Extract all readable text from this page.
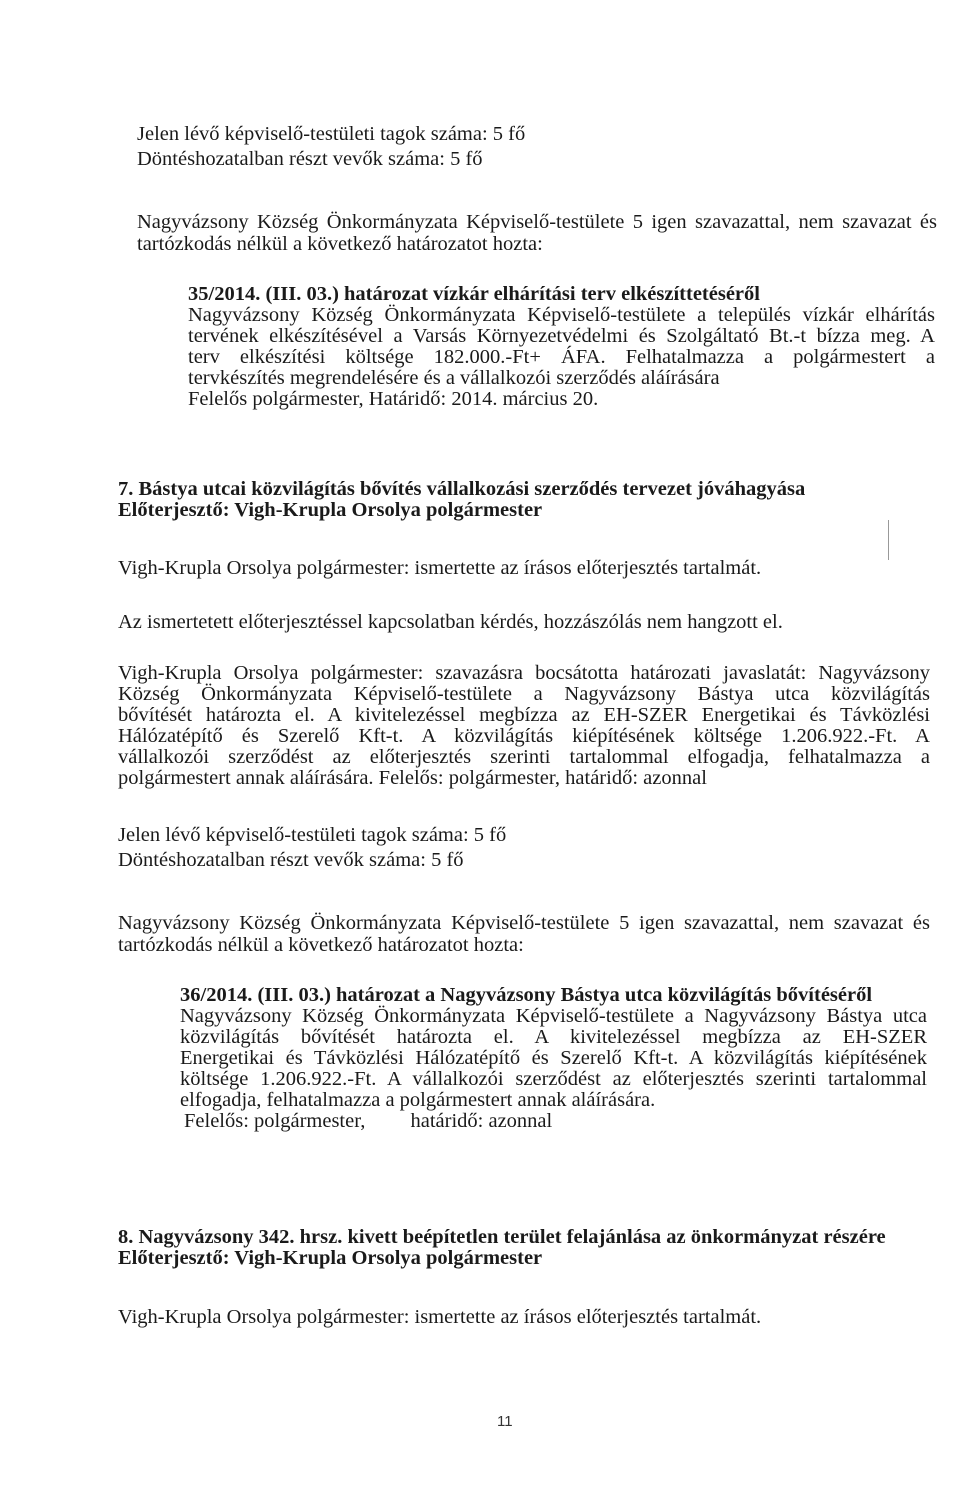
Jelen lévő képviselő-testületi tagok száma: 5 fő

Döntéshozatalban részt vevők száma: 5 fő

Nagyvázsony Község Önkormányzata Képviselő-testülete 5 igen szavazattal, nem szavazat és

tartózkodás nélkül a következő határozatot hozta:

35/2014. (III. 03.) határozat vízkár elhárítási terv elkészíttetéséről

Nagyvázsony Község Önkormányzata Képviselő-testülete a település vízkár elhárítás

tervének elkészítésével a Varsás Környezetvédelmi és Szolgáltató Bt.-t bízza meg. A

terv elkészítési költsége 182.000.-Ft+ ÁFA. Felhatalmazza a polgármestert a

tervkészítés megrendelésére és a vállalkozói szerződés aláírására

Felelős polgármester, Határidő: 2014. március 20.

7. Bástya utcai közvilágítás bővítés vállalkozási szerződés tervezet jóváhagyása

Előterjesztő: Vigh-Krupla Orsolya polgármester

Vigh-Krupla Orsolya polgármester: ismertette az írásos előterjesztés tartalmát.
Az ismertetett előterjesztéssel kapcsolatban kérdés, hozzászólás nem hangzott el.

Vigh-Krupla Orsolya polgármester: szavazásra bocsátotta határozati javaslatát: Nagyvázsony

Község Önkormányzata Képviselő-testülete a Nagyvázsony Bástya utca közvilágítás

bővítését határozta el. A kivitelezéssel megbízza az EH-SZER Energetikai és Távközlési

Hálózatépítő és Szerelő Kft-t. A közvilágítás kiépítésének költsége 1.206.922.-Ft. A

vállalkozói szerződést az előterjesztés szerinti tartalommal elfogadja, felhatalmazza a

polgármestert annak aláírására. Felelős: polgármester, határidő: azonnal

Jelen lévő képviselő-testületi tagok száma: 5 fő

Döntéshozatalban részt vevők száma: 5 fő

Nagyvázsony Község Önkormányzata Képviselő-testülete 5 igen szavazattal, nem szavazat és

tartózkodás nélkül a következő határozatot hozta:

36/2014. (III. 03.) határozat a Nagyvázsony Bástya utca közvilágítás bővítéséről

Nagyvázsony Község Önkormányzata Képviselő-testülete a Nagyvázsony Bástya utca

közvilágítás bővítését határozta el. A kivitelezéssel megbízza az EH-SZER

Energetikai és Távközlési Hálózatépítő és Szerelő Kft-t. A közvilágítás kiépítésének

költsége 1.206.922.-Ft. A vállalkozói szerződést az előterjesztés szerinti tartalommal

elfogadja, felhatalmazza a polgármestert annak aláírására.

Felelős: polgármester, határidő: azonnal

8. Nagyvázsony 342. hrsz. kivett beépítetlen terület felajánlása az önkormányzat részére

Előterjesztő: Vigh-Krupla Orsolya polgármester

Vigh-Krupla Orsolya polgármester: ismertette az írásos előterjesztés tartalmát.
11
